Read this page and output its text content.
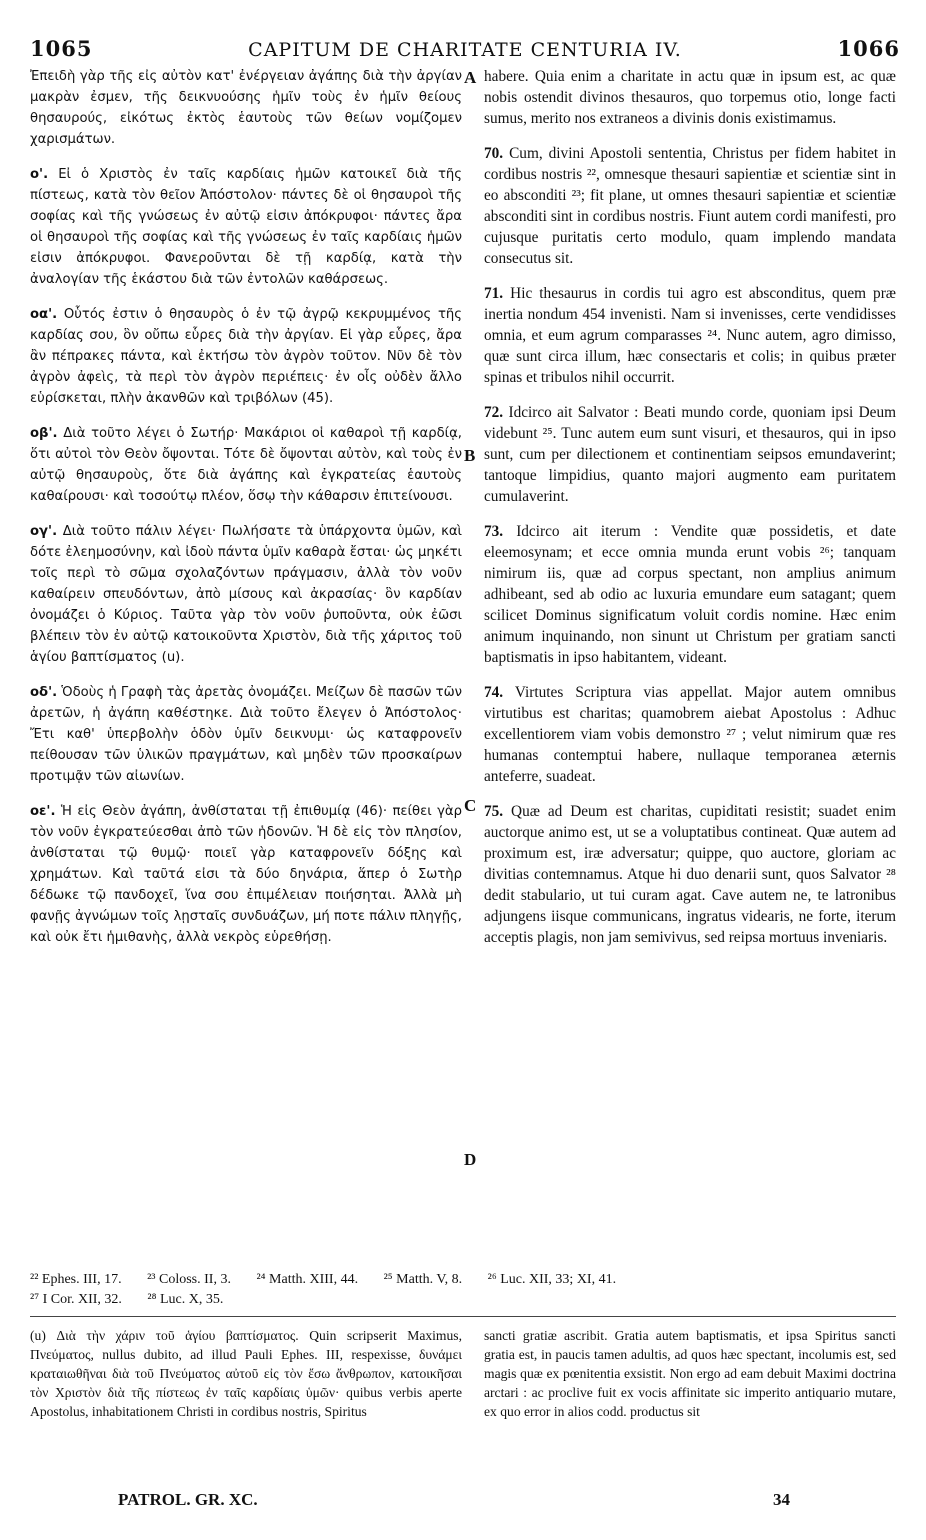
1065	CAPITUM DE CHARITATE CENTURIA IV.	1066

Ἐπειδὴ γὰρ τῆς εἰς αὐτὸν κατ' ἐνέργειαν ἀγάπης διὰ τὴν ἀργίαν μακρὰν ἐσμεν, τῆς δεικνυούσης ἡμῖν τοὺς ἐν ἡμῖν θείους θησαυρούς, εἰκότως ἐκτὸς ἑαυτοὺς τῶν θείων νομίζομεν χαρισμάτων.

ο'. Εἰ ὁ Χριστὸς ἐν ταῖς καρδίαις ἡμῶν κατοικεῖ διὰ τῆς πίστεως, κατὰ τὸν θεῖον Ἀπόστολον· πάντες δὲ οἱ θησαυροὶ τῆς σοφίας καὶ τῆς γνώσεως ἐν αὐτῷ εἰσιν ἀπόκρυφοι· πάντες ἄρα οἱ θησαυροὶ τῆς σοφίας καὶ τῆς γνώσεως ἐν ταῖς καρδίαις ἡμῶν εἰσιν ἀπόκρυφοι. Φανεροῦνται δὲ τῇ καρδίᾳ, κατὰ τὴν ἀναλογίαν τῆς ἑκάστου διὰ τῶν ἐντολῶν καθάρσεως.

οα'. Οὗτός ἐστιν ὁ θησαυρὸς ὁ ἐν τῷ ἀγρῷ κεκρυμμένος τῆς καρδίας σου, ὃν οὔπω εὗρες διὰ τὴν ἀργίαν. Εἰ γὰρ εὗρες, ἄρα ἂν πέπρακες πάντα, καὶ ἐκτήσω τὸν ἀγρὸν τοῦτον. Νῦν δὲ τὸν ἀγρὸν ἀφεὶς, τὰ περὶ τὸν ἀγρὸν περιέπεις· ἐν οἷς οὐδὲν ἄλλο εὑρίσκεται, πλὴν ἀκανθῶν καὶ τριβόλων (45).

οβ'. Διὰ τοῦτο λέγει ὁ Σωτήρ· Μακάριοι οἱ καθαροὶ τῇ καρδίᾳ, ὅτι αὐτοὶ τὸν Θεὸν ὄψονται. Τότε δὲ ὄψονται αὐτὸν, καὶ τοὺς ἐν αὐτῷ θησαυροὺς, ὅτε διὰ ἀγάπης καὶ ἐγκρατείας ἑαυτοὺς καθαίρουσι· καὶ τοσούτῳ πλέον, ὅσῳ τὴν κάθαρσιν ἐπιτείνουσι.

ογ'. Διὰ τοῦτο πάλιν λέγει· Πωλήσατε τὰ ὑπάρχοντα ὑμῶν, καὶ δότε ἐλεημοσύνην, καὶ ἰδοὺ πάντα ὑμῖν καθαρὰ ἔσται· ὡς μηκέτι τοῖς περὶ τὸ σῶμα σχολαζόντων πράγμασιν, ἀλλὰ τὸν νοῦν καθαίρειν σπευδόντων, ἀπὸ μίσους καὶ ἀκρασίας· ὃν καρδίαν ὀνομάζει ὁ Κύριος. Ταῦτα γὰρ τὸν νοῦν ῥυποῦντα, οὐκ ἐῶσι βλέπειν τὸν ἐν αὐτῷ κατοικοῦντα Χριστὸν, διὰ τῆς χάριτος τοῦ ἁγίου βαπτίσματος (u).

οδ'. Ὁδοὺς ἡ Γραφὴ τὰς ἀρετὰς ὀνομάζει. Μείζων δὲ πασῶν τῶν ἀρετῶν, ἡ ἀγάπη καθέστηκε. Διὰ τοῦτο ἔλεγεν ὁ Ἀπόστολος· Ἔτι καθ' ὑπερβολὴν ὁδὸν ὑμῖν δεικνυμι· ὡς καταφρονεῖν πείθουσαν τῶν ὑλικῶν πραγμάτων, καὶ μηδὲν τῶν προσκαίρων προτιμᾷν τῶν αἰωνίων.

οε'. Ἡ εἰς Θεὸν ἀγάπη, ἀνθίσταται τῇ ἐπιθυμίᾳ (46)· πείθει γὰρ τὸν νοῦν ἐγκρατεύεσθαι ἀπὸ τῶν ἡδονῶν. Ἡ δὲ εἰς τὸν πλησίον, ἀνθίσταται τῷ θυμῷ· ποιεῖ γὰρ καταφρονεῖν δόξης καὶ χρημάτων. Καὶ ταῦτά εἰσι τὰ δύο δηνάρια, ἅπερ ὁ Σωτὴρ δέδωκε τῷ πανδοχεῖ, ἵνα σου ἐπιμέλειαν ποιήσηται. Ἀλλὰ μὴ φανῇς ἀγνώμων τοῖς λῃσταῖς συνδυάζων, μή ποτε πάλιν πληγῇς, καὶ οὐκ ἔτι ἡμιθανὴς, ἀλλὰ νεκρὸς εὑρεθήσῃ.

A
B
C
D

habere. Quia enim a charitate in actu quæ in ipsum est, ac quæ nobis ostendit divinos thesauros, quo torpemus otio, longe facti sumus, merito nos extraneos a divinis donis existimamus.

70. Cum, divini Apostoli sententia, Christus per fidem habitet in cordibus nostris ²², omnesque thesauri sapientiæ et scientiæ sint in eo absconditi ²³; fit plane, ut omnes thesauri sapientiæ et scientiæ absconditi sint in cordibus nostris. Fiunt autem cordi manifesti, pro cujusque puritatis certo modulo, quam implendo mandata consecutus sit.

71. Hic thesaurus in cordis tui agro est absconditus, quem præ inertia nondum 454 invenisti. Nam si invenisses, certe vendidisses omnia, et eum agrum comparasses ²⁴. Nunc autem, agro dimisso, quæ sunt circa illum, hæc consectaris et colis; in quibus præter spinas et tribulos nihil occurrit.

72. Idcirco ait Salvator : Beati mundo corde, quoniam ipsi Deum videbunt ²⁵. Tunc autem eum sunt visuri, et thesauros, qui in ipso sunt, cum per dilectionem et continentiam seipsos emundaverint; tantoque limpidius, quanto majori augmento eam puritatem cumulaverint.

73. Idcirco ait iterum : Vendite quæ possidetis, et date eleemosynam; et ecce omnia munda erunt vobis ²⁶; tanquam nimirum iis, quæ ad corpus spectant, non amplius animum adhibeant, sed ab odio ac luxuria emundare eum satagant; quem scilicet Dominus significatum voluit cordis nomine. Hæc enim animum inquinando, non sinunt ut Christum per gratiam sancti baptismatis in ipso habitantem, videant.

74. Virtutes Scriptura vias appellat. Major autem omnibus virtutibus est charitas; quamobrem aiebat Apostolus : Adhuc excellentiorem viam vobis demonstro ²⁷ ; velut nimirum quæ res humanas contemptui habere, nullaque temporanea æternis anteferre, suadeat.

75. Quæ ad Deum est charitas, cupiditati resistit; suadet enim auctorque animo est, ut se a voluptatibus contineat. Quæ autem ad proximum est, iræ adversatur; quippe, quo auctore, gloriam ac divitias contemnamus. Atque hi duo denarii sunt, quos Salvator ²⁸ dedit stabulario, ut tui curam agat. Cave autem ne, te latronibus adjungens iisque communicans, ingratus videaris, ne forte, iterum acceptis plagis, non jam semivivus, sed reipsa mortuus inveniaris.

²² Ephes. III, 17. ²³ Coloss. II, 3. ²⁴ Matth. XIII, 44. ²⁵ Matth. V, 8. ²⁶ Luc. XII, 33; XI, 41.
²⁷ I Cor. XII, 32. ²⁸ Luc. X, 35.

(u) Διὰ τὴν χάριν τοῦ ἁγίου βαπτίσματος. Quin scripserit Maximus, Πνεύματος, nullus dubito, ad illud Pauli Ephes. III, respexisse, δυνάμει κραταιωθῆναι διὰ τοῦ Πνεύματος αὐτοῦ εἰς τὸν ἔσω ἄνθρωπον, κατοικῆσαι τὸν Χριστὸν διὰ τῆς πίστεως ἐν ταῖς καρδίαις ὑμῶν· quibus verbis aperte Apostolus, inhabitationem Christi in cordibus nostris, Spiritus

sancti gratiæ ascribit. Gratia autem baptismatis, et ipsa Spiritus sancti gratia est, in paucis tamen adultis, ad quos hæc spectant, incolumis est, sed magis quæ ex pœnitentia exsistit. Non ergo ad eam debuit Maximi doctrina arctari : ac proclive fuit ex vocis affinitate sic imperito antiquario mutare, ex quo error in alios codd. productus sit

PATROL. GR. XC.	34
